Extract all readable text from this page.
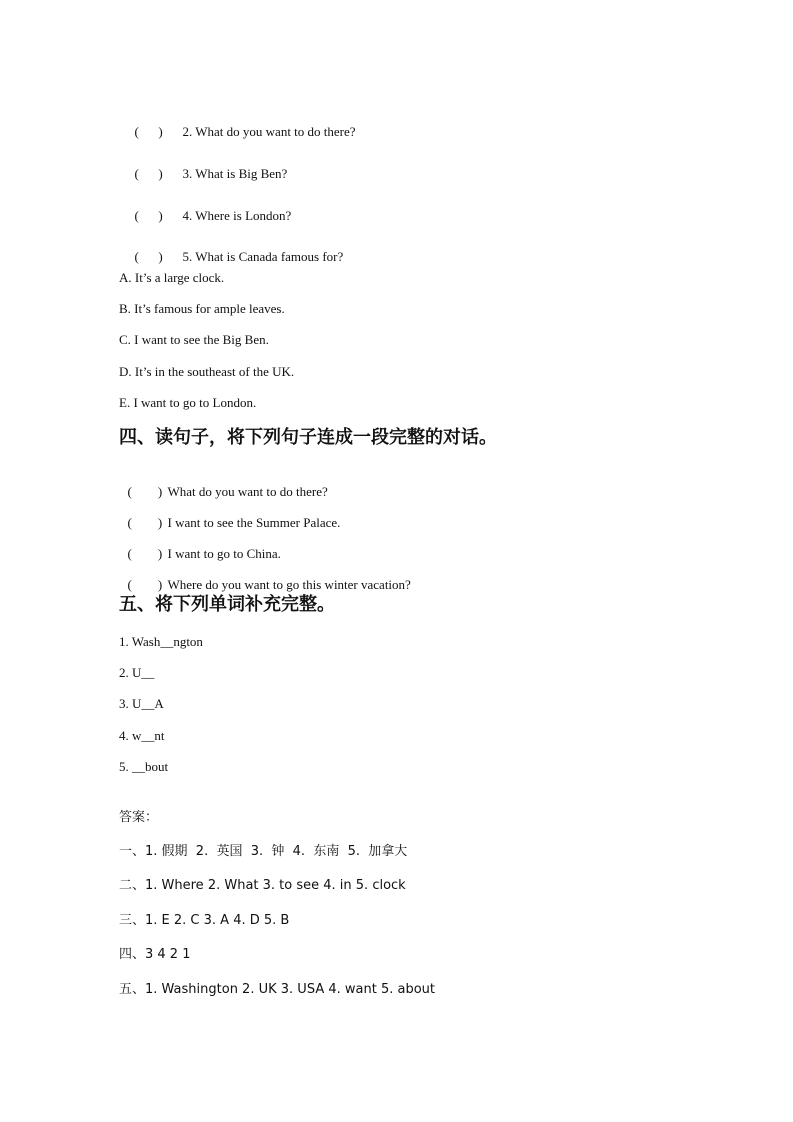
(      ) 2. What do you want to do there?

(      ) 3. What is Big Ben?

(      ) 4. Where is London?

(      ) 5. What is Canada famous for?

A. It’s a large clock.
B. It’s famous for ample leaves.
C. I want to see the Big Ben.
D. It’s in the southeast of the UK.
E. I want to go to London.
四、读句子，将下列句子连成一段完整的对话。

(        ) What do you want to do there?

(        ) I want to see the Summer Palace.

(        ) I want to go to China.

(        ) Where do you want to go this winter vacation?

五、将下列单词补充完整。
1. Wash__ngton
2. U__
3. U__A
4. w__nt
5. __bout
答案：
一、1. 假期  2.  英国  3.  钟  4.  东南  5.  加拿大
二、1. Where 2. What 3. to see 4. in 5. clock
三、1. E 2. C 3. A 4. D 5. B
四、3 4 2 1
五、1. Washington 2. UK 3. USA 4. want 5. about
